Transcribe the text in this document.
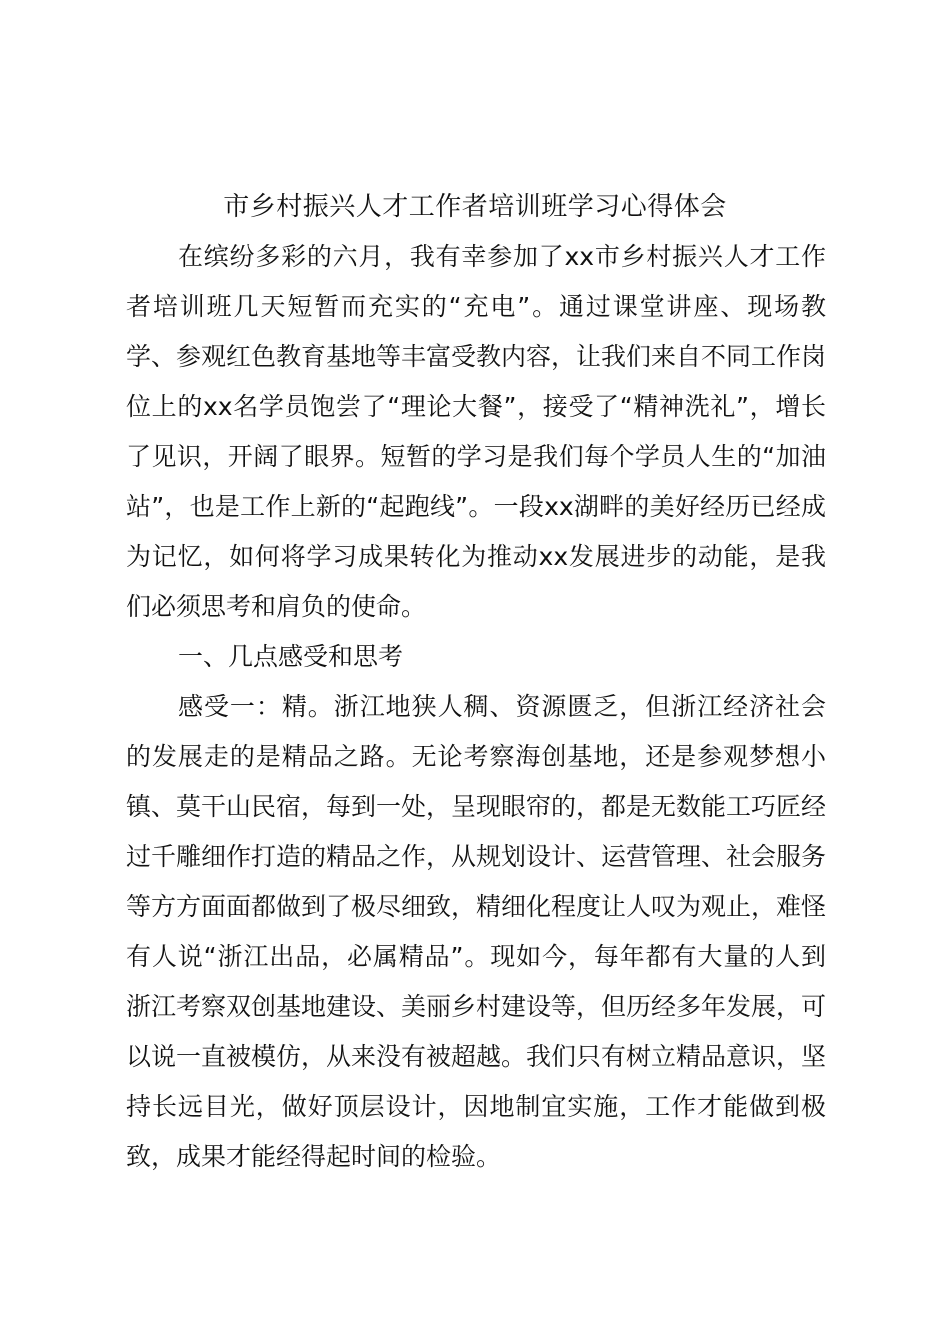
市乡村振兴人才工作者培训班学习心得体会

在缤纷多彩的六月，我有幸参加了xx市乡村振兴人才工作者培训班几天短暂而充实的“充电”。通过课堂讲座、现场教学、参观红色教育基地等丰富受教内容，让我们来自不同工作岗位上的xx名学员饱尝了“理论大餐”，接受了“精神洗礼”，增长了见识，开阔了眼界。短暂的学习是我们每个学员人生的“加油站”，也是工作上新的“起跑线”。一段xx湖畔的美好经历已经成为记忆，如何将学习成果转化为推动xx发展进步的动能，是我们必须思考和肩负的使命。

一、几点感受和思考

感受一：精。浙江地狭人稠、资源匮乏，但浙江经济社会的发展走的是精品之路。无论考察海创基地，还是参观梦想小镇、莫干山民宿，每到一处，呈现眼帘的，都是无数能工巧匠经过千雕细作打造的精品之作，从规划设计、运营管理、社会服务等方方面面都做到了极尽细致，精细化程度让人叹为观止，难怪有人说“浙江出品，必属精品”。现如今，每年都有大量的人到浙江考察双创基地建设、美丽乡村建设等，但历经多年发展，可以说一直被模仿，从来没有被超越。我们只有树立精品意识，坚持长远目光，做好顶层设计，因地制宜实施，工作才能做到极致，成果才能经得起时间的检验。
